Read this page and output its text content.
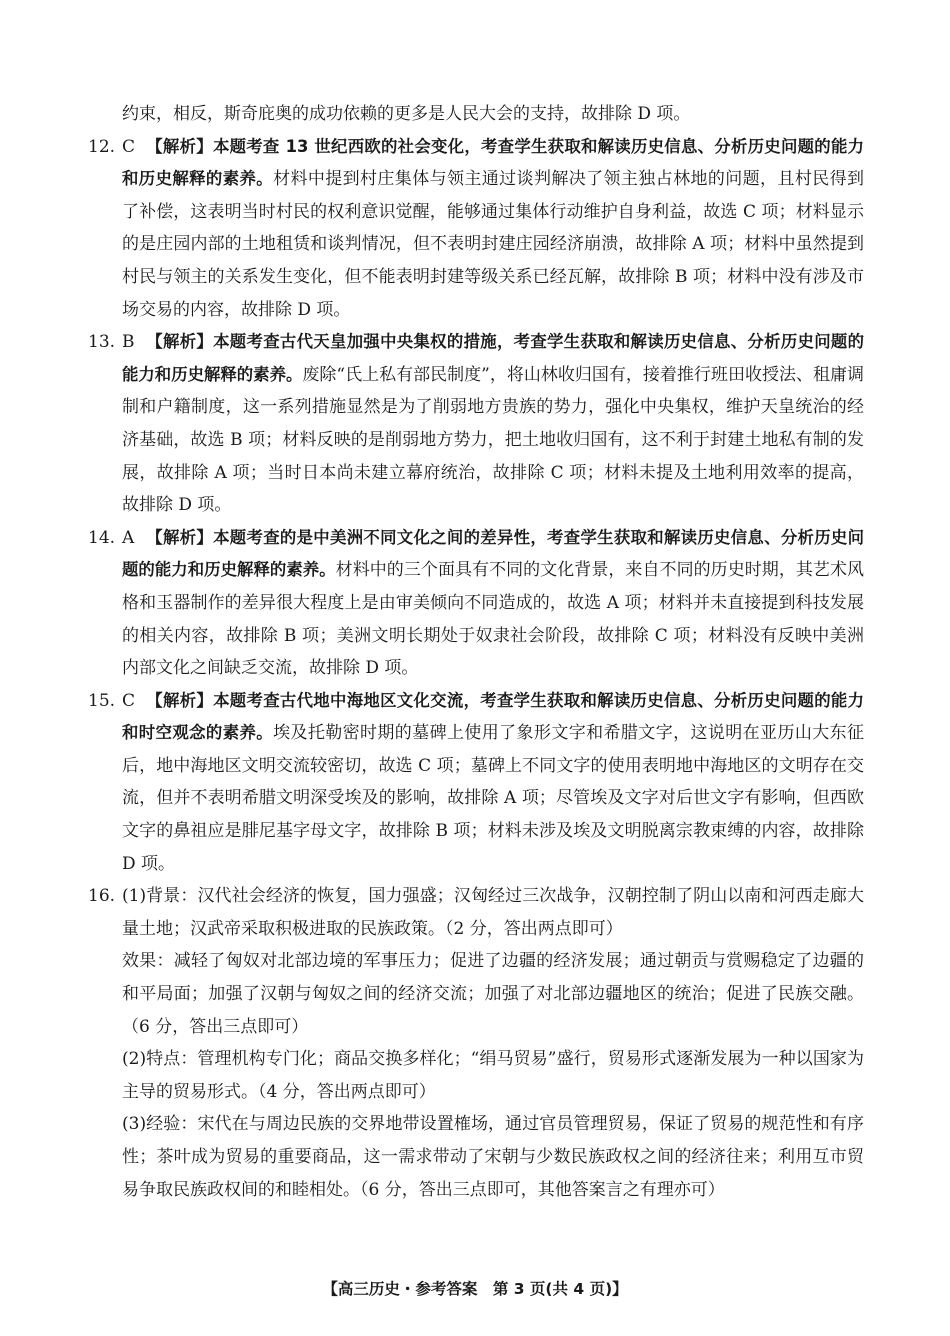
约束，相反，斯奇庇奥的成功依赖的更多是人民大会的支持，故排除 D 项。

12. C 【解析】本题考查 13 世纪西欧的社会变化，考查学生获取和解读历史信息、分析历史问题的能力和历史解释的素养。材料中提到村庄集体与领主通过谈判解决了领主独占林地的问题，且村民得到了补偿，这表明当时村民的权利意识觉醒，能够通过集体行动维护自身利益，故选 C 项；材料显示的是庄园内部的土地租赁和谈判情况，但不表明封建庄园经济崩溃，故排除 A 项；材料中虽然提到村民与领主的关系发生变化，但不能表明封建等级关系已经瓦解，故排除 B 项；材料中没有涉及市场交易的内容，故排除 D 项。
13. B 【解析】本题考查古代天皇加强中央集权的措施，考查学生获取和解读历史信息、分析历史问题的能力和历史解释的素养。废除“氏上私有部民制度”，将山林收归国有，接着推行班田收授法、租庸调制和户籍制度，这一系列措施显然是为了削弱地方贵族的势力，强化中央集权，维护天皇统治的经济基础，故选 B 项；材料反映的是削弱地方势力，把土地收归国有，这不利于封建土地私有制的发展，故排除 A 项；当时日本尚未建立幕府统治，故排除 C 项；材料未提及土地利用效率的提高，故排除 D 项。
14. A 【解析】本题考查的是中美洲不同文化之间的差异性，考查学生获取和解读历史信息、分析历史问题的能力和历史解释的素养。材料中的三个面具有不同的文化背景，来自不同的历史时期，其艺术风格和玉器制作的差异很大程度上是由审美倾向不同造成的，故选 A 项；材料并未直接提到科技发展的相关内容，故排除 B 项；美洲文明长期处于奴隶社会阶段，故排除 C 项；材料没有反映中美洲内部文化之间缺乏交流，故排除 D 项。
15. C 【解析】本题考查古代地中海地区文化交流，考查学生获取和解读历史信息、分析历史问题的能力和时空观念的素养。埃及托勒密时期的墓碑上使用了象形文字和希腊文字，这说明在亚历山大东征后，地中海地区文明交流较密切，故选 C 项；墓碑上不同文字的使用表明地中海地区的文明存在交流，但并不表明希腊文明深受埃及的影响，故排除 A 项；尽管埃及文字对后世文字有影响，但西欧文字的鼻祖应是腓尼基字母文字，故排除 B 项；材料未涉及埃及文明脱离宗教束缚的内容，故排除 D 项。
16. (1)背景：汉代社会经济的恢复，国力强盛；汉匈经过三次战争，汉朝控制了阴山以南和河西走廊大量土地；汉武帝采取积极进取的民族政策。（2 分，答出两点即可）
效果：减轻了匈奴对北部边境的军事压力；促进了边疆的经济发展；通过朝贡与赏赐稳定了边疆的和平局面；加强了汉朝与匈奴之间的经济交流；加强了对北部边疆地区的统治；促进了民族交融。（6 分，答出三点即可）
(2)特点：管理机构专门化；商品交换多样化；“绢马贸易”盛行，贸易形式逐渐发展为一种以国家为主导的贸易形式。（4 分，答出两点即可）
(3)经验：宋代在与周边民族的交界地带设置榷场，通过官员管理贸易，保证了贸易的规范性和有序性；茶叶成为贸易的重要商品，这一需求带动了宋朝与少数民族政权之间的经济往来；利用互市贸易争取民族政权间的和睦相处。（6 分，答出三点即可，其他答案言之有理亦可）
【高三历史・参考答案　第 3 页(共 4 页)】
